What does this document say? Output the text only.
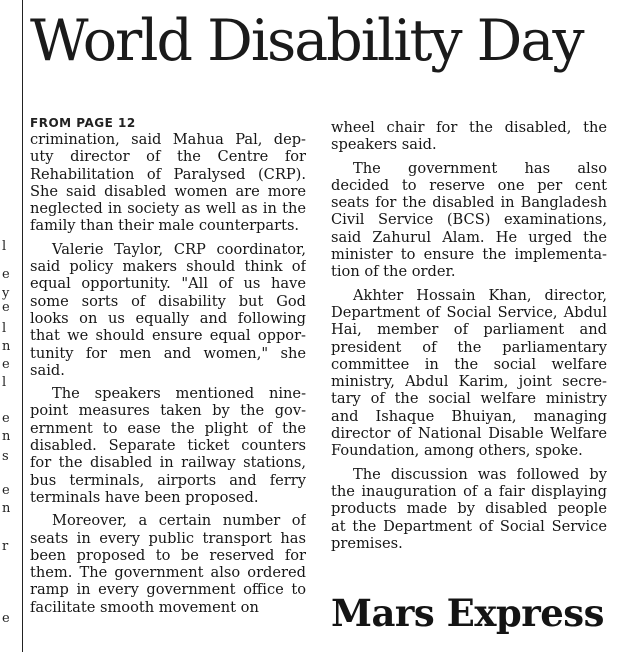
l
e
y
e
l
n
e
l
e
n
s
e
n
r
e
World Disability Day
FROM PAGE 12
crimination, said Mahua Pal, dep-
uty director of the Centre for
Rehabilitation of Paralysed (CRP).
She said disabled women are more
neglected in society as well as in the
family than their male counterparts.
Valerie Taylor, CRP coordinator,
said policy makers should think of
equal opportunity. "All of us have
some sorts of disability but God
looks on us equally and following
that we should ensure equal oppor-
tunity for men and women," she
said.
The speakers mentioned nine-
point measures taken by the gov-
ernment to ease the plight of the
disabled. Separate ticket counters
for the disabled in railway stations,
bus terminals, airports and ferry
terminals have been proposed.
Moreover, a certain number of
seats in every public transport has
been proposed to be reserved for
them. The government also ordered
ramp in every government office to
facilitate smooth movement on
wheel chair for the disabled, the
speakers said.
The government has also
decided to reserve one per cent
seats for the disabled in Bangladesh
Civil Service (BCS) examinations,
said Zahurul Alam. He urged the
minister to ensure the implementa-
tion of the order.
Akhter Hossain Khan, director,
Department of Social Service, Abdul
Hai, member of parliament and
president of the parliamentary
committee in the social welfare
ministry, Abdul Karim, joint secre-
tary of the social welfare ministry
and Ishaque Bhuiyan, managing
director of National Disable Welfare
Foundation, among others, spoke.
The discussion was followed by
the inauguration of a fair displaying
products made by disabled people
at the Department of Social Service
premises.
Mars Express
